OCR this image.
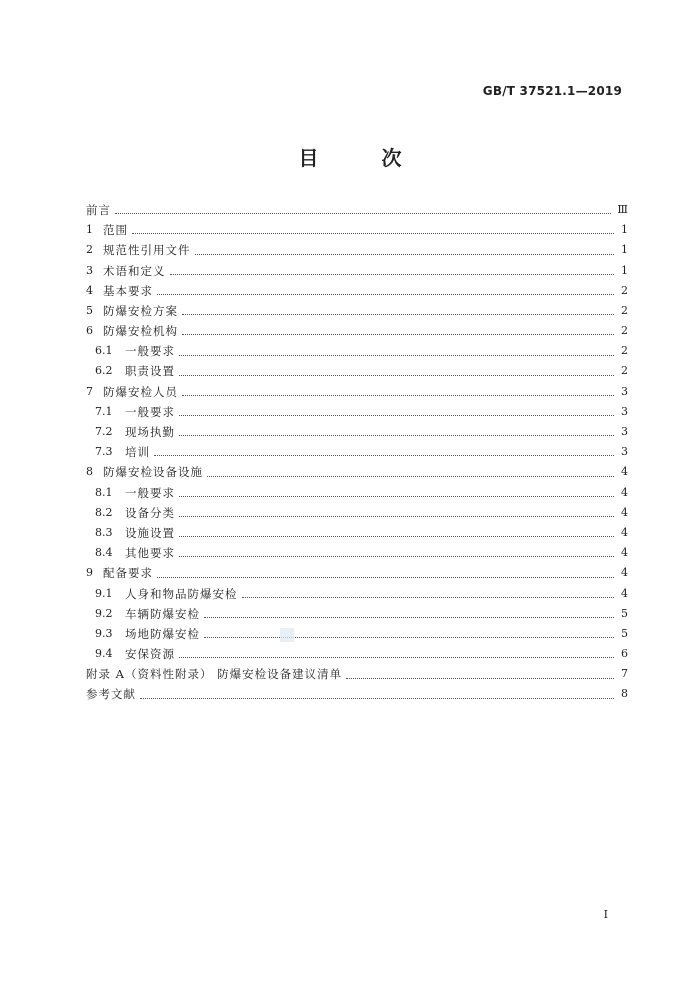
GB/T 37521.1—2019
目 次
前言	Ⅲ
1 范围	1
2 规范性引用文件	1
3 术语和定义	1
4 基本要求	2
5 防爆安检方案	2
6 防爆安检机构	2
6.1	一般要求	2
6.2	职责设置	2
7 防爆安检人员	3
7.1	一般要求	3
7.2	现场执勤	3
7.3	培训	3
8 防爆安检设备设施	4
8.1	一般要求	4
8.2	设备分类	4
8.3	设施设置	4
8.4	其他要求	4
9 配备要求	4
9.1	人身和物品防爆安检	4
9.2	车辆防爆安检	5
9.3	场地防爆安检	5
9.4	安保资源	6
附录 A（资料性附录） 防爆安检设备建议清单	7
参考文献	8
I
